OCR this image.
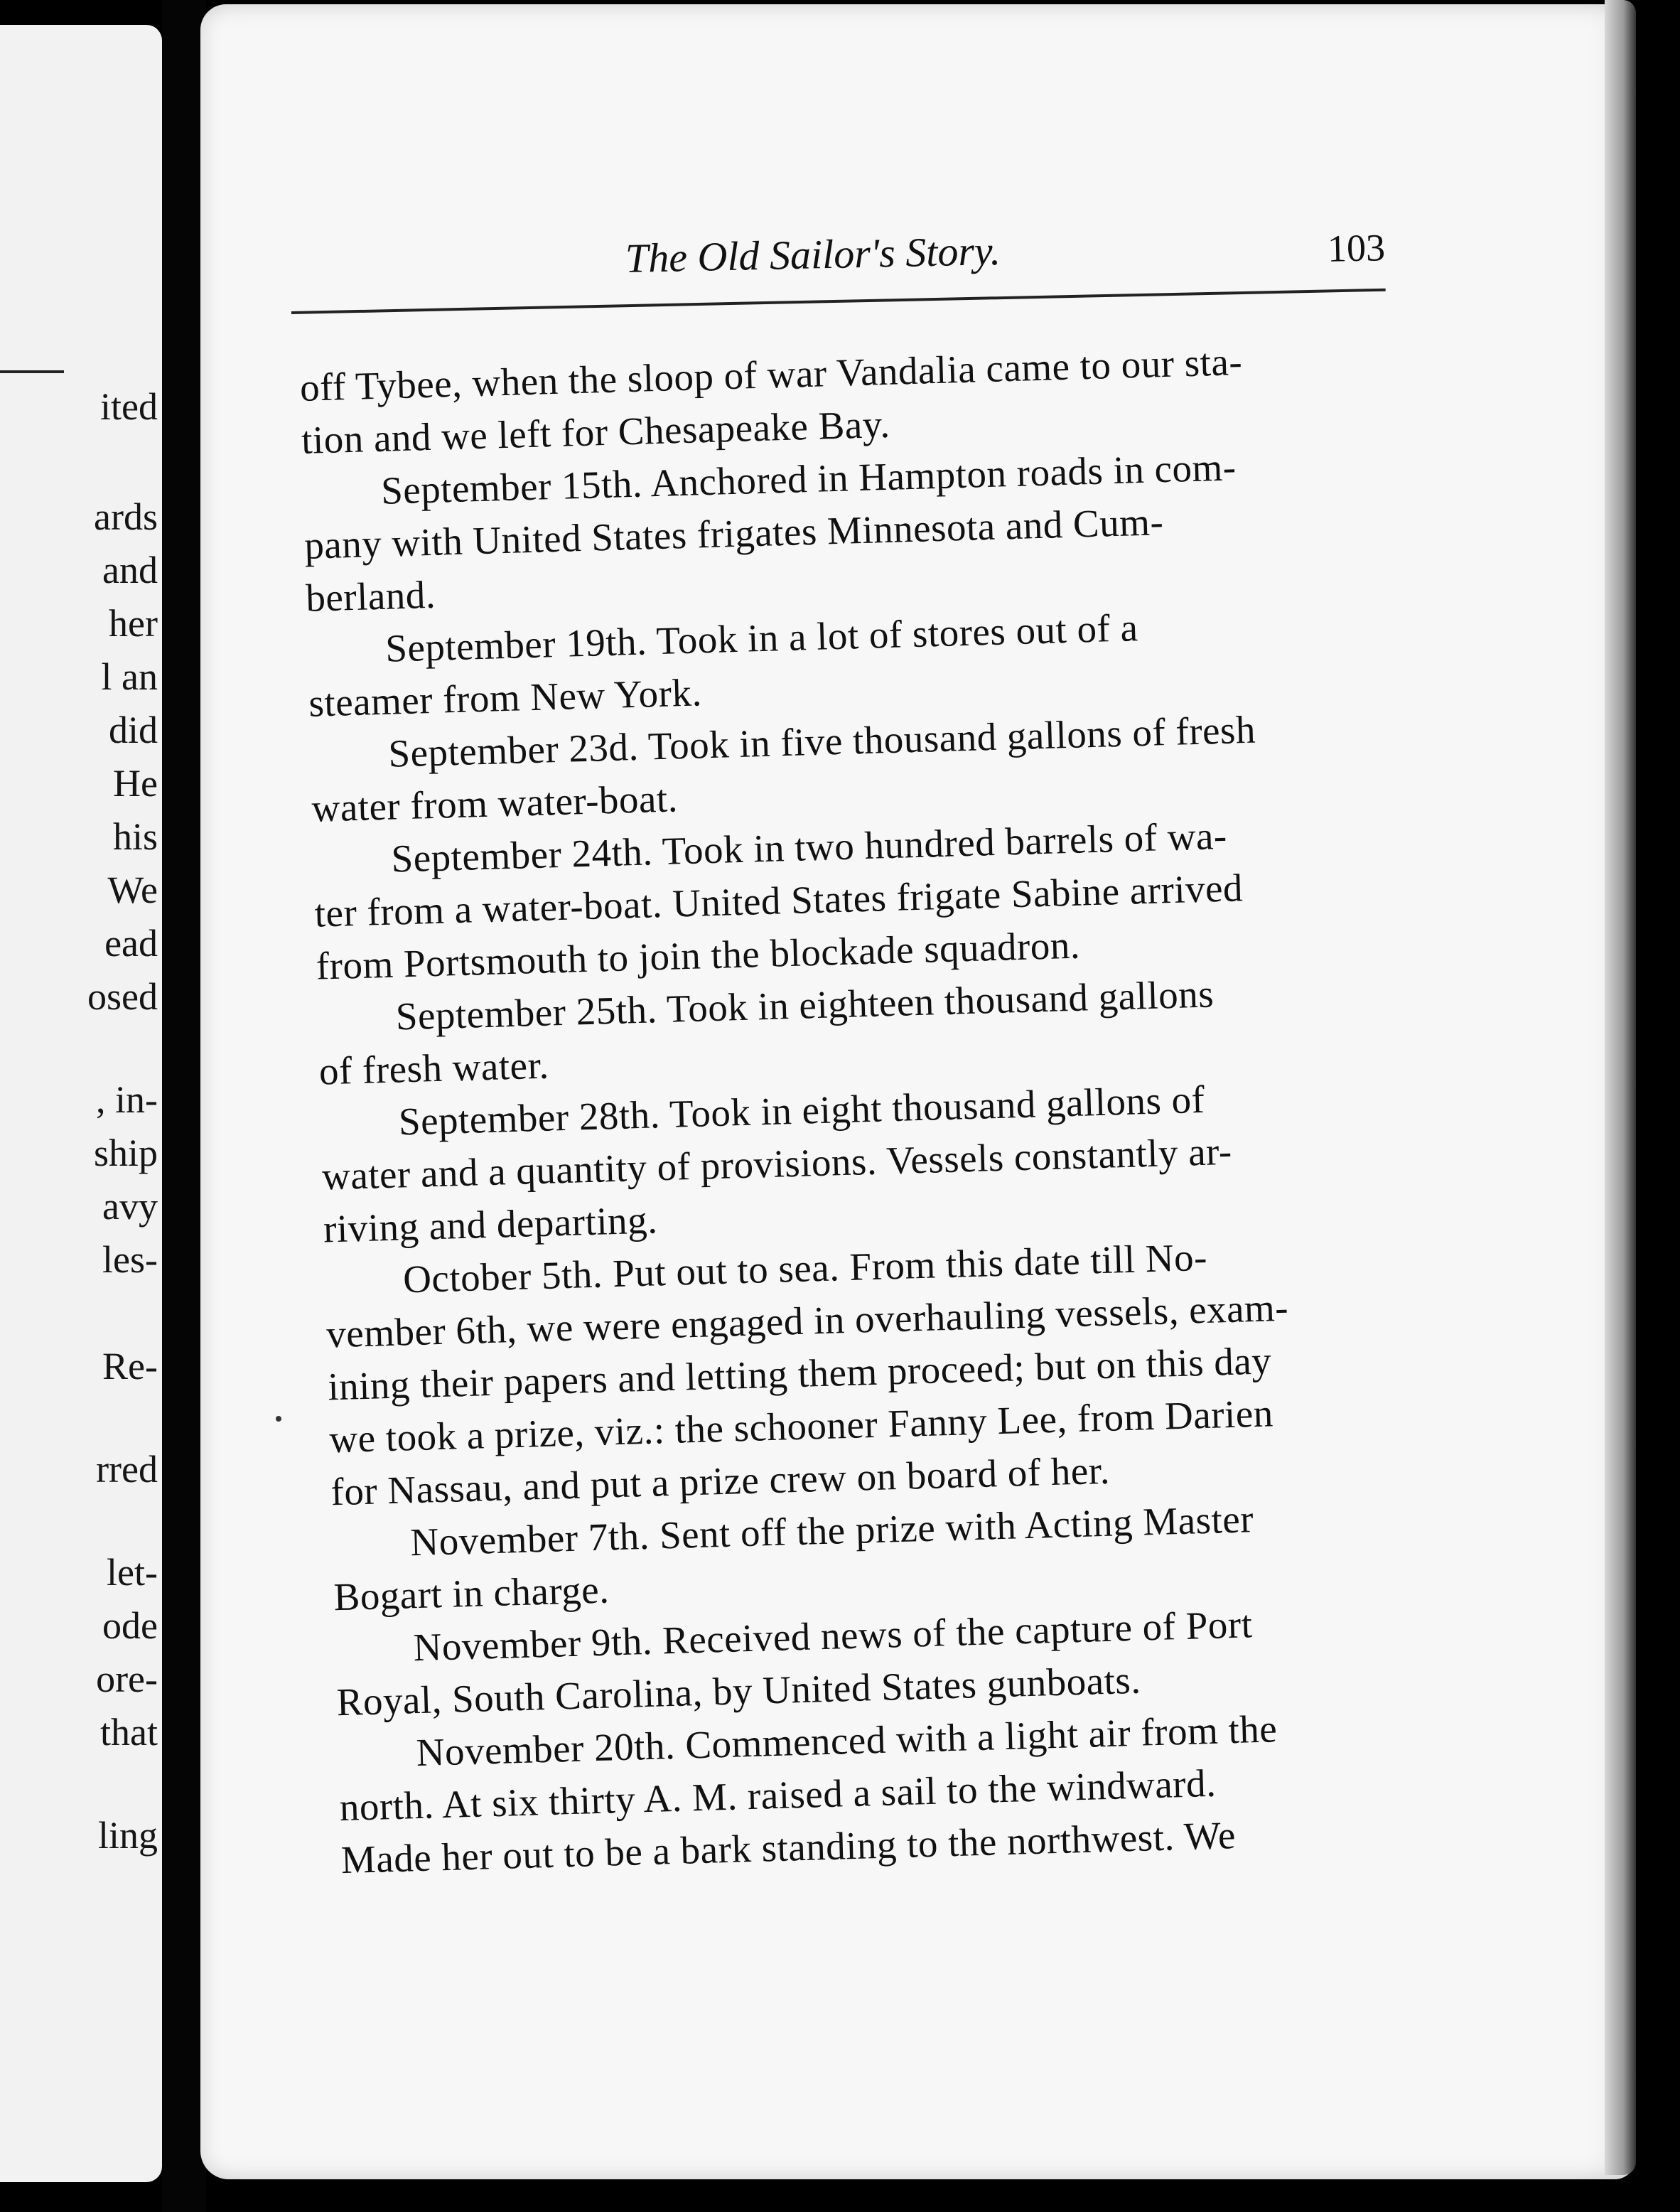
ited
ards
and
her
l an
did
He
his
We
ead
osed
, in-
ship
avy
les-
Re-
rred
let-
ode
ore-
that
ling
The Old Sailor's Story.	103
off Tybee, when the sloop of war Vandalia came to our sta-
tion and we left for Chesapeake Bay.
September 15th. Anchored in Hampton roads in com-
pany with United States frigates Minnesota and Cum-
berland.
September 19th. Took in a lot of stores out of a
steamer from New York.
September 23d. Took in five thousand gallons of fresh
water from water-boat.
September 24th. Took in two hundred barrels of wa-
ter from a water-boat. United States frigate Sabine arrived
from Portsmouth to join the blockade squadron.
September 25th. Took in eighteen thousand gallons
of fresh water.
September 28th. Took in eight thousand gallons of
water and a quantity of provisions. Vessels constantly ar-
riving and departing.
October 5th. Put out to sea. From this date till No-
vember 6th, we were engaged in overhauling vessels, exam-
ining their papers and letting them proceed; but on this day
we took a prize, viz.: the schooner Fanny Lee, from Darien
for Nassau, and put a prize crew on board of her.
November 7th. Sent off the prize with Acting Master
Bogart in charge.
November 9th. Received news of the capture of Port
Royal, South Carolina, by United States gunboats.
November 20th. Commenced with a light air from the
north. At six thirty A. M. raised a sail to the windward.
Made her out to be a bark standing to the northwest. We
